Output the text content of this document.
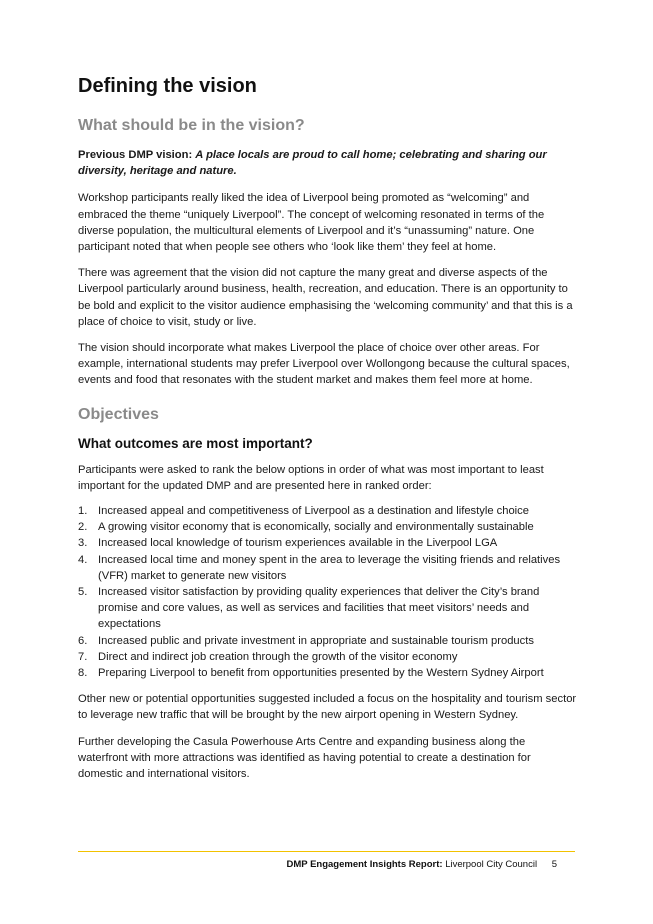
Defining the vision
What should be in the vision?

Previous DMP vision: A place locals are proud to call home; celebrating and sharing our diversity, heritage and nature.

Workshop participants really liked the idea of Liverpool being promoted as “welcoming” and embraced the theme “uniquely Liverpool”. The concept of welcoming resonated in terms of the diverse population, the multicultural elements of Liverpool and it’s “unassuming” nature. One participant noted that when people see others who ‘look like them’ they feel at home.

There was agreement that the vision did not capture the many great and diverse aspects of the Liverpool particularly around business, health, recreation, and education. There is an opportunity to be bold and explicit to the visitor audience emphasising the ‘welcoming community’ and that this is a place of choice to visit, study or live.

The vision should incorporate what makes Liverpool the place of choice over other areas. For example, international students may prefer Liverpool over Wollongong because the cultural spaces, events and food that resonates with the student market and makes them feel more at home.

Objectives
What outcomes are most important?

Participants were asked to rank the below options in order of what was most important to least important for the updated DMP and are presented here in ranked order:

1. Increased appeal and competitiveness of Liverpool as a destination and lifestyle choice
2. A growing visitor economy that is economically, socially and environmentally sustainable
3. Increased local knowledge of tourism experiences available in the Liverpool LGA
4. Increased local time and money spent in the area to leverage the visiting friends and relatives (VFR) market to generate new visitors
5. Increased visitor satisfaction by providing quality experiences that deliver the City’s brand promise and core values, as well as services and facilities that meet visitors’ needs and expectations
6. Increased public and private investment in appropriate and sustainable tourism products
7. Direct and indirect job creation through the growth of the visitor economy
8. Preparing Liverpool to benefit from opportunities presented by the Western Sydney Airport

Other new or potential opportunities suggested included a focus on the hospitality and tourism sector to leverage new traffic that will be brought by the new airport opening in Western Sydney.

Further developing the Casula Powerhouse Arts Centre and expanding business along the waterfront with more attractions was identified as having potential to create a destination for domestic and international visitors.

DMP Engagement Insights Report: Liverpool City Council 5
